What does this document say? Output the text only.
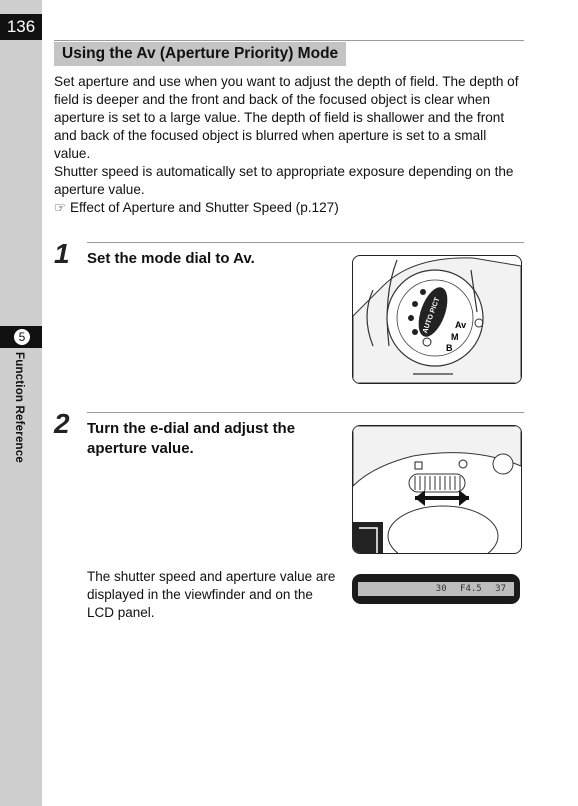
136
5
Function Reference
Using the Av (Aperture Priority) Mode

Set aperture and use when you want to adjust the depth of field. The depth of field is deeper and the front and back of the focused object is clear when aperture is set to a large value. The depth of field is shallower and the front and back of the focused object is blurred when aperture is set to a small value.

Shutter speed is automatically set to appropriate exposure depending on the aperture value.

☞ Effect of Aperture and Shutter Speed (p.127)

1 Set the mode dial to Av.
AUTO PICT Av
M
B
2 Turn the e-dial and adjust the aperture value.
The shutter speed and aperture value are displayed in the viewfinder and on the LCD panel.
30 F4.5 37
